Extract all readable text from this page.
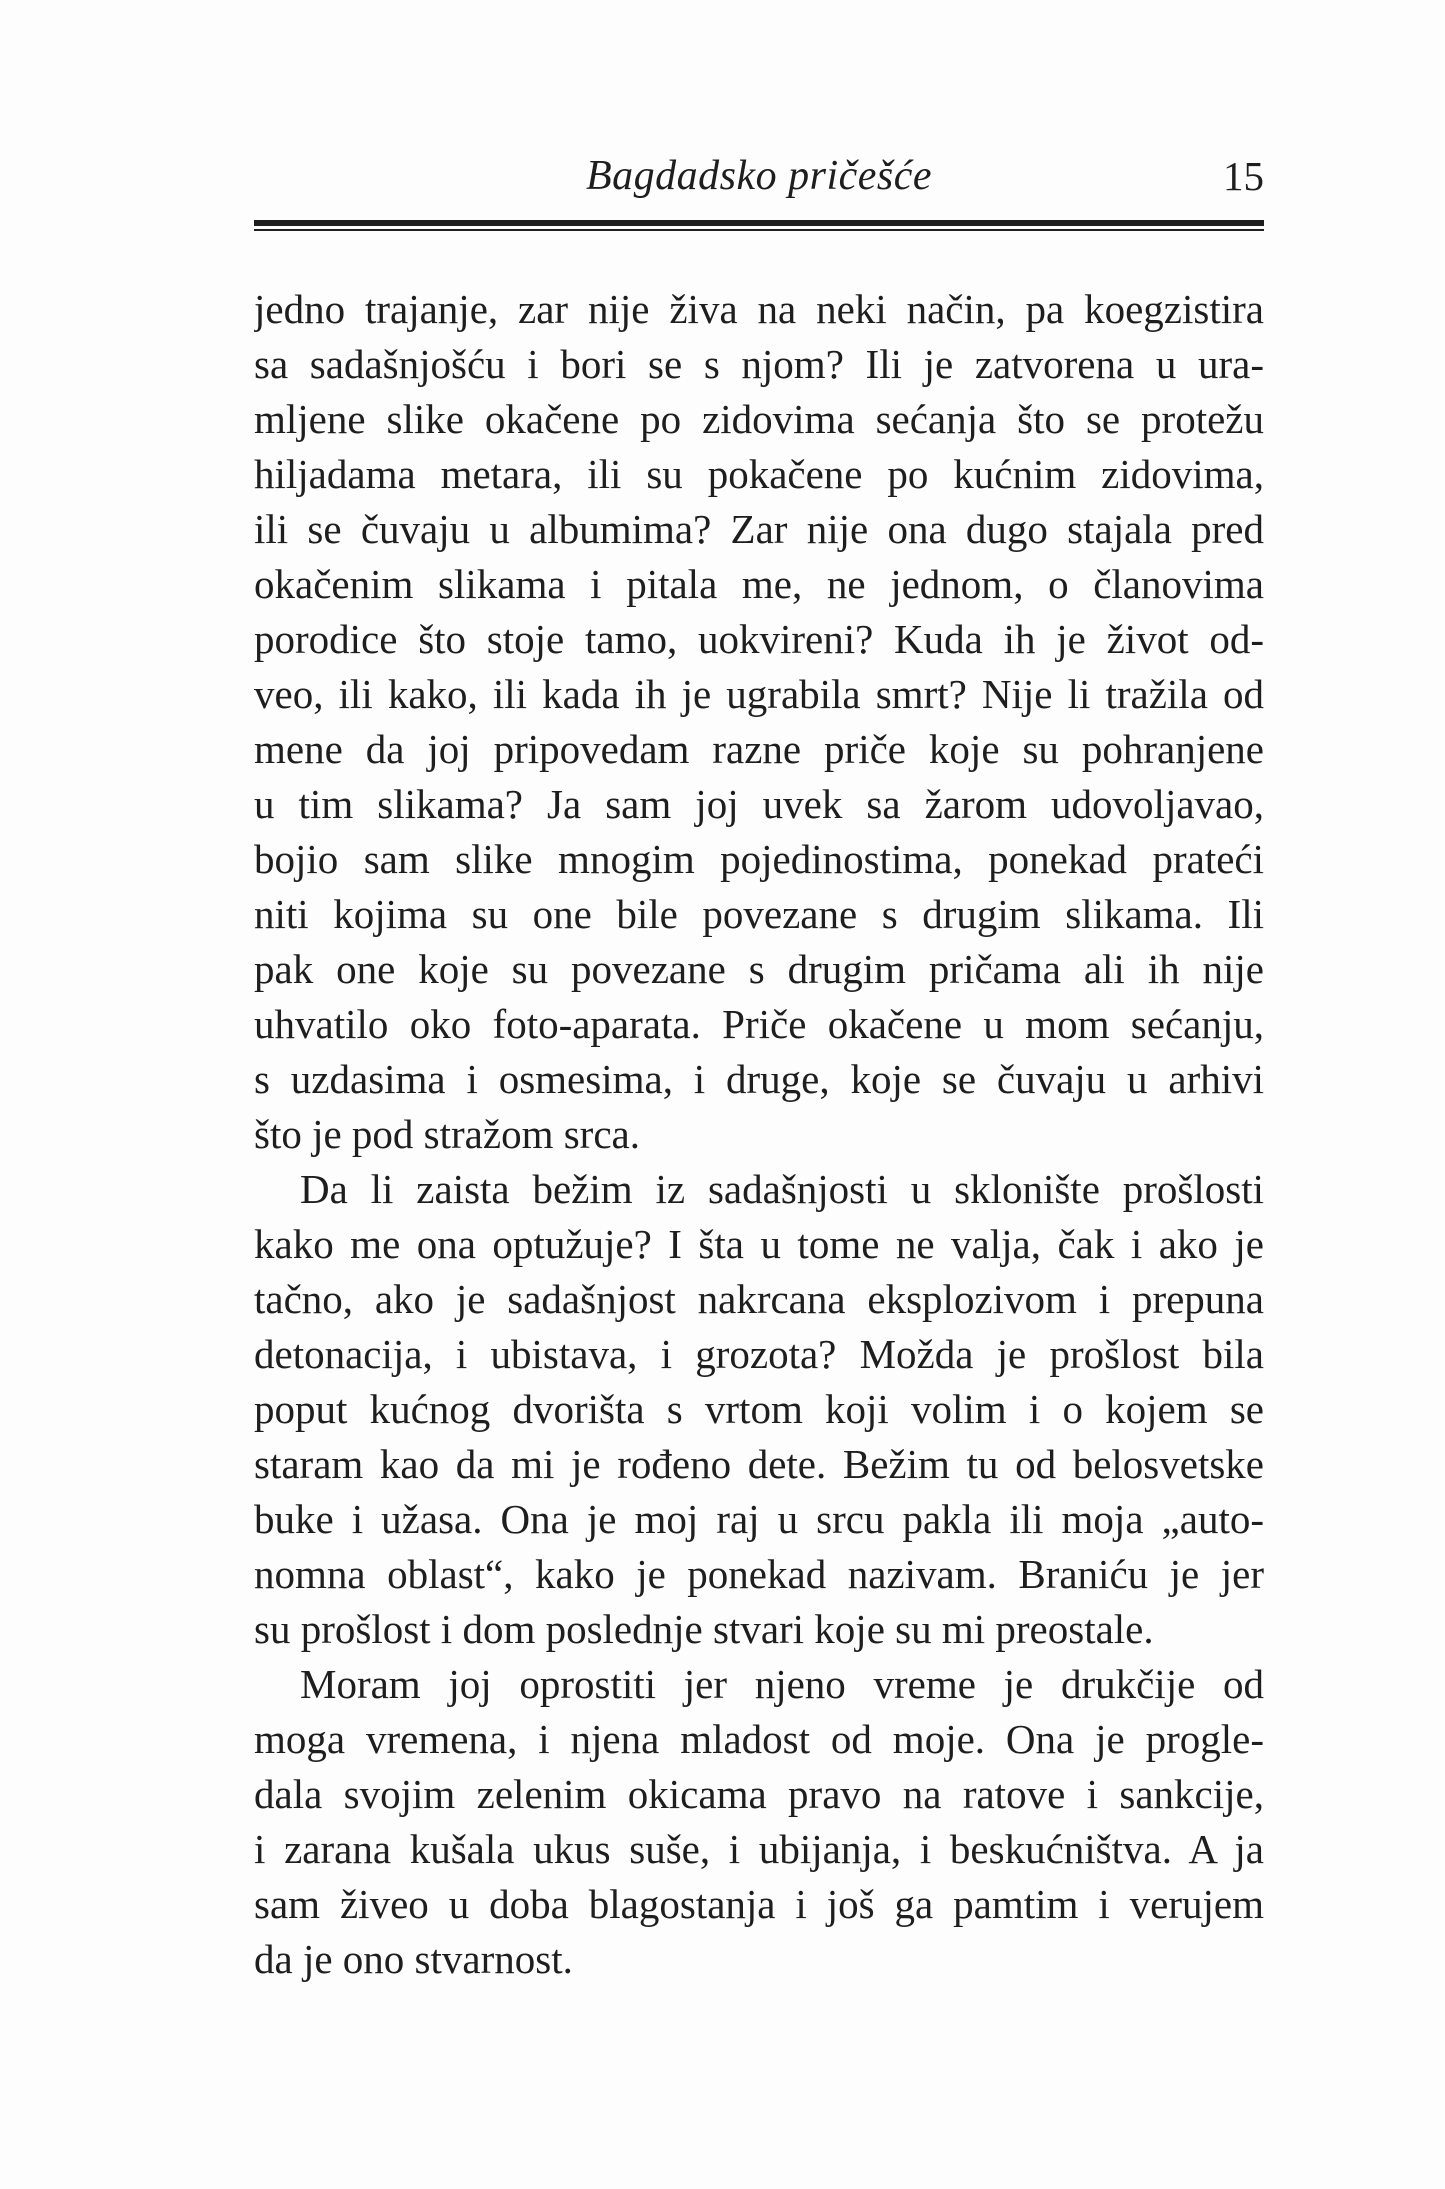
Bagdadsko pričešće	15
jedno trajanje, zar nije živa na neki način, pa koegzistira
sa sadašnjošću i bori se s njom? Ili je zatvorena u ura-
mljene slike okačene po zidovima sećanja što se protežu
hiljadama metara, ili su pokačene po kućnim zidovima,
ili se čuvaju u albumima? Zar nije ona dugo stajala pred
okačenim slikama i pitala me, ne jednom, o članovima
porodice što stoje tamo, uokvireni? Kuda ih je život od-
veo, ili kako, ili kada ih je ugrabila smrt? Nije li tražila od
mene da joj pripovedam razne priče koje su pohranjene
u tim slikama? Ja sam joj uvek sa žarom udovoljavao,
bojio sam slike mnogim pojedinostima, ponekad prateći
niti kojima su one bile povezane s drugim slikama. Ili
pak one koje su povezane s drugim pričama ali ih nije
uhvatilo oko foto-aparata. Priče okačene u mom sećanju,
s uzdasima i osmesima, i druge, koje se čuvaju u arhivi
što je pod stražom srca.
Da li zaista bežim iz sadašnjosti u sklonište prošlosti
kako me ona optužuje? I šta u tome ne valja, čak i ako je
tačno, ako je sadašnjost nakrcana eksplozivom i prepuna
detonacija, i ubistava, i grozota? Možda je prošlost bila
poput kućnog dvorišta s vrtom koji volim i o kojem se
staram kao da mi je rođeno dete. Bežim tu od belosvetske
buke i užasa. Ona je moj raj u srcu pakla ili moja „auto-
nomna oblast“, kako je ponekad nazivam. Braniću je jer
su prošlost i dom poslednje stvari koje su mi preostale.
Moram joj oprostiti jer njeno vreme je drukčije od
moga vremena, i njena mladost od moje. Ona je progle-
dala svojim zelenim okicama pravo na ratove i sankcije,
i zarana kušala ukus suše, i ubijanja, i beskućništva. A ja
sam živeo u doba blagostanja i još ga pamtim i verujem
da je ono stvarnost.
